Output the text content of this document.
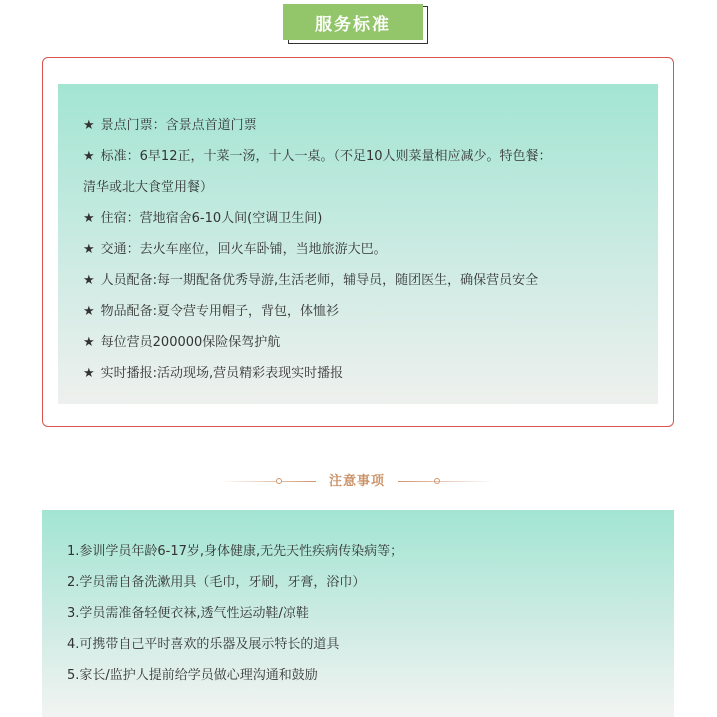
服务标准

★ 景点门票：含景点首道门票

★ 标准：6早12正，十菜一汤，十人一桌。（不足10人则菜量相应减少。特色餐：

清华或北大食堂用餐）

★ 住宿：营地宿舍6-10人间(空调卫生间)

★ 交通：去火车座位，回火车卧铺，当地旅游大巴。

★ 人员配备:每一期配备优秀导游,生活老师，辅导员，随团医生，确保营员安全

★ 物品配备:夏令营专用帽子，背包，体恤衫

★ 每位营员200000保险保驾护航

★ 实时播报:活动现场,营员精彩表现实时播报

注意事项

1.参训学员年龄6-17岁,身体健康,无先天性疾病传染病等；

2.学员需自备洗漱用具（毛巾，牙刷，牙膏，浴巾）

3.学员需准备轻便衣袜,透气性运动鞋/凉鞋

4.可携带自己平时喜欢的乐器及展示特长的道具

5.家长/监护人提前给学员做心理沟通和鼓励
